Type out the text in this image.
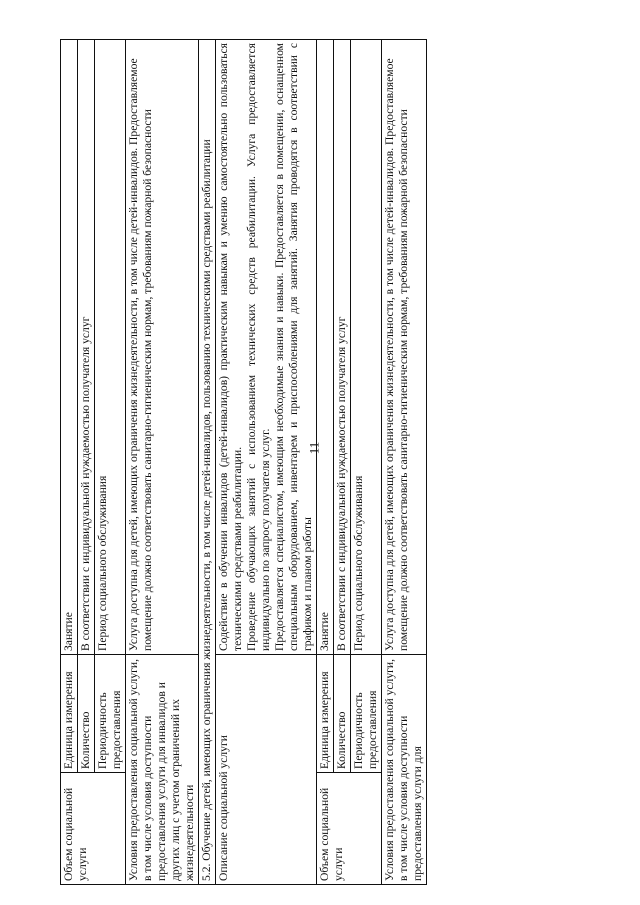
11
Объем социальной услуги	Единица измерения	Занятие
	Количество	В соответствии с индивидуальной нуждаемостью получателя услуг
	Периодичность предоставления	Период социального обслуживания
Условия предоставления социальной услуги, в том числе условия доступности предоставления услуги для инвалидов и других лиц с учетом ограничений их жизнедеятельности		Услуга доступна для детей, имеющих ограничения жизнедеятельности, в том числе детей-инвалидов. Предоставляемое помещение должно соответствовать санитарно-гигиеническим нормам, требованиям пожарной безопасности
5.2. Обучение детей, имеющих ограничения жизнедеятельности, в том числе детей-инвалидов, пользованию техническими средствами реабилитации		
Описание социальной услуги		Содействие в обучении инвалидов (детей-инвалидов) практическим навыкам и умению самостоятельно пользоваться техническими средствами реабилитации. Проведение обучающих занятий с использованием технических средств реабилитации. Услуга предоставляется индивидуально по запросу получателя услуг. Предоставляется специалистом, имеющим необходимые знания и навыки. Предоставляется в помещении, оснащенном специальным оборудованием, инвентарем и приспособлениями для занятий. Занятия проводятся в соответствии с графиком и планом работы

Объем социальной услуги	Единица измерения	Занятие
	Количество	В соответствии с индивидуальной нуждаемостью получателя услуг
	Периодичность предоставления	Период социального обслуживания
Условия предоставления социальной услуги, в том числе условия доступности предоставления услуги для		Услуга доступна для детей, имеющих ограничения жизнедеятельности, в том числе детей-инвалидов. Предоставляемое помещение должно соответствовать санитарно-гигиеническим нормам, требованиям пожарной безопасности
